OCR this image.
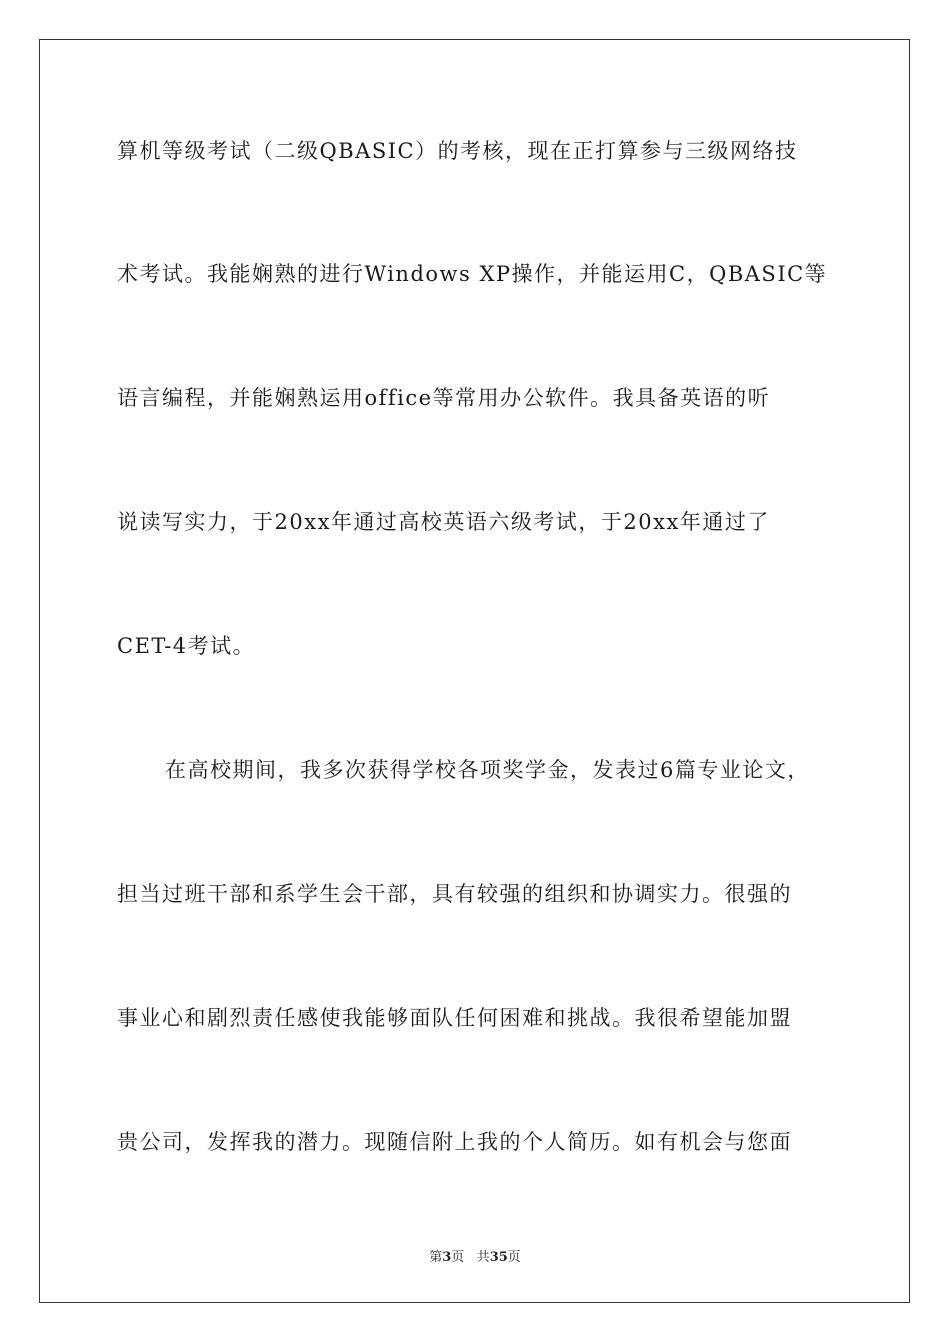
算机等级考试（二级QBASIC）的考核，现在正打算参与三级网络技
术考试。我能娴熟的进行Windows XP操作，并能运用C，QBASIC等
语言编程，并能娴熟运用office等常用办公软件。我具备英语的听
说读写实力，于20xx年通过高校英语六级考试，于20xx年通过了
CET-4考试。
在高校期间，我多次获得学校各项奖学金，发表过6篇专业论文，
担当过班干部和系学生会干部，具有较强的组织和协调实力。很强的
事业心和剧烈责任感使我能够面队任何困难和挑战。我很希望能加盟
贵公司，发挥我的潜力。现随信附上我的个人简历。如有机会与您面
第3页 共35页
